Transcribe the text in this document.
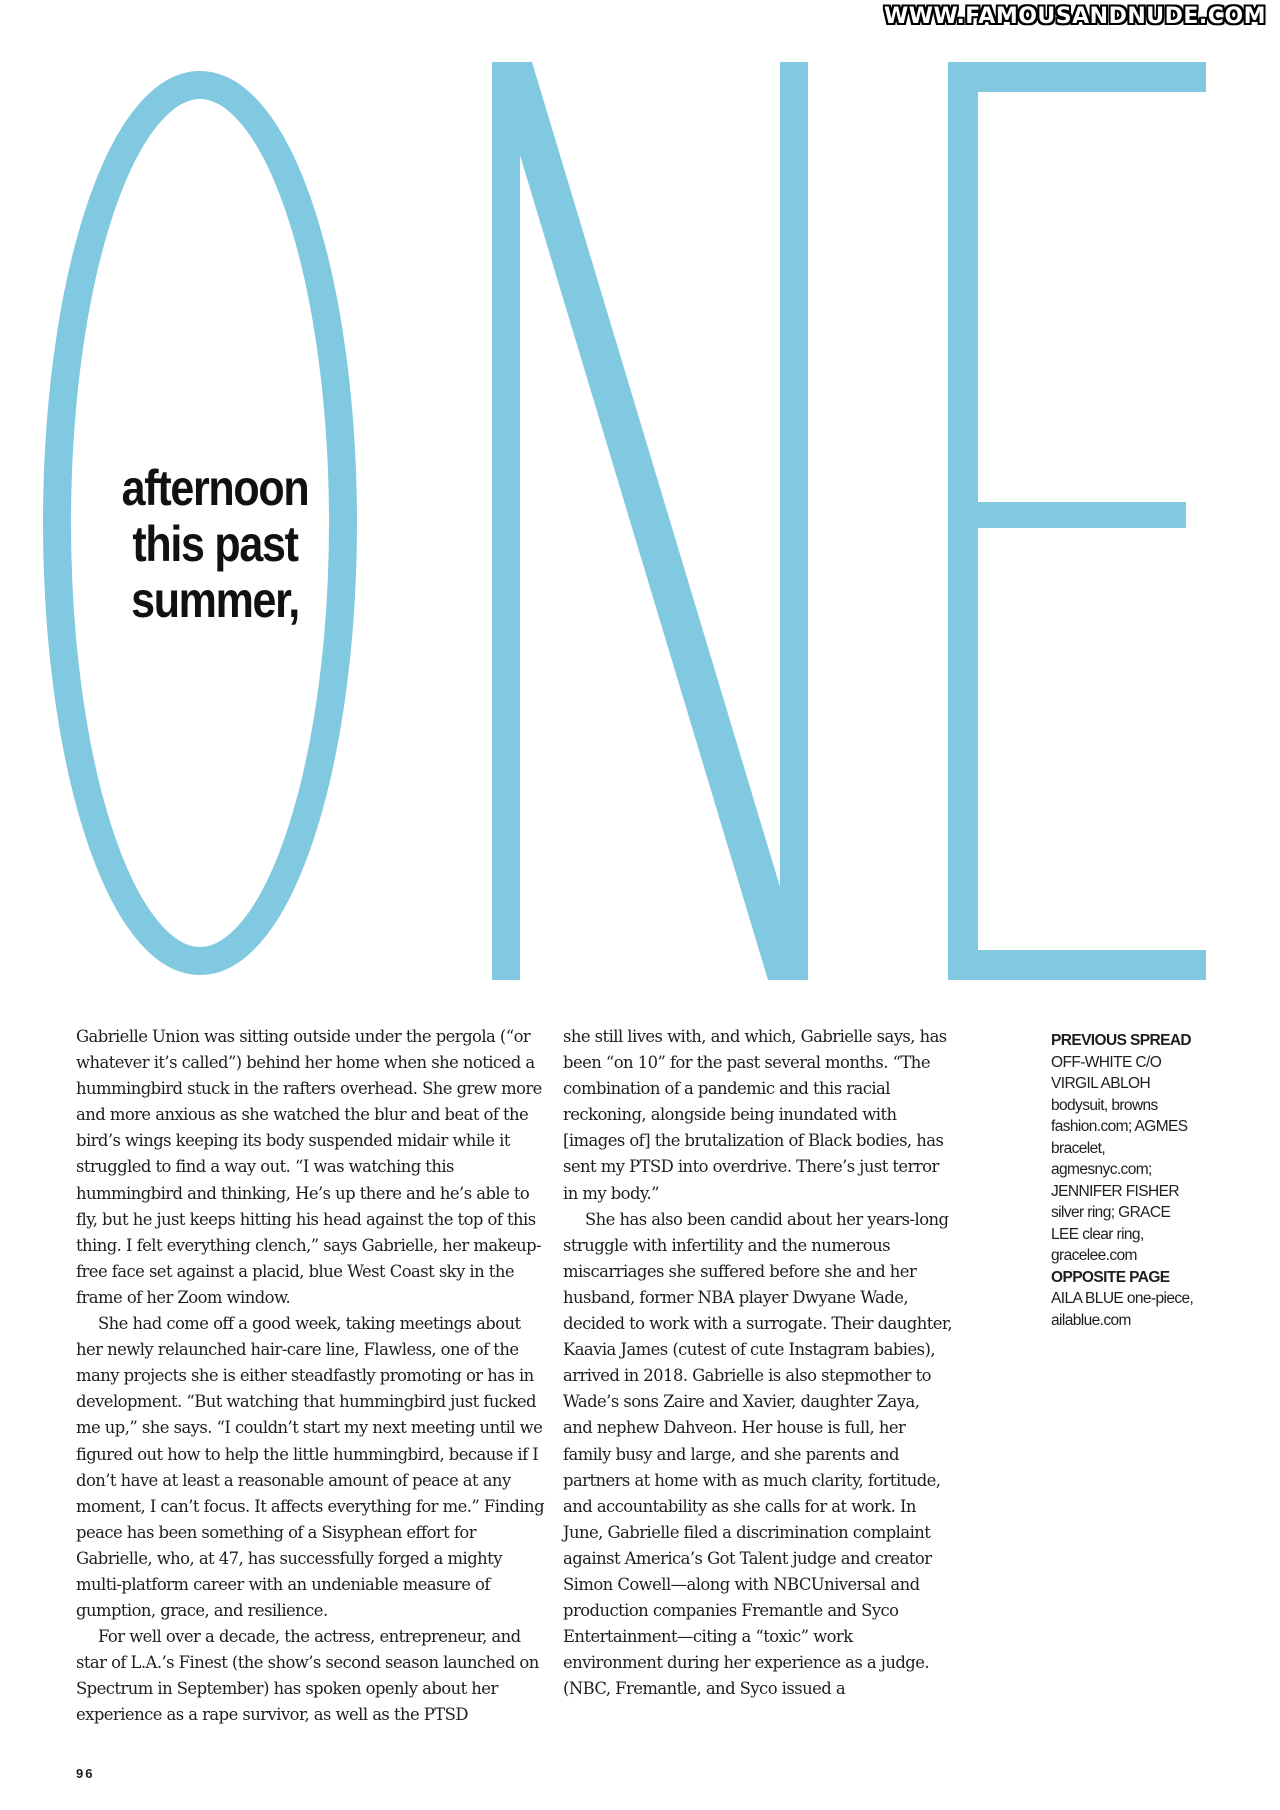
WWW.FAMOUSANDNUDE.COM
afternoon
this past
summer,

Gabrielle Union was sitting outside under the pergola (“or whatever it’s called”) behind her home when she noticed a hummingbird stuck in the rafters overhead. She grew more and more anxious as she watched the blur and beat of the bird’s wings keeping its body suspended midair while it struggled to find a way out. “I was watching this hummingbird and thinking, He’s up there and he’s able to fly, but he just keeps hitting his head against the top of this thing. I felt everything clench,” says Gabrielle, her makeup-free face set against a placid, blue West Coast sky in the frame of her Zoom window.

She had come off a good week, taking meetings about her newly relaunched hair-care line, Flawless, one of the many projects she is either steadfastly promoting or has in development. “But watching that hummingbird just fucked me up,” she says. “I couldn’t start my next meeting until we figured out how to help the little hummingbird, because if I don’t have at least a reasonable amount of peace at any moment, I can’t focus. It affects everything for me.” Finding peace has been something of a Sisyphean effort for Gabrielle, who, at 47, has successfully forged a mighty multi-platform career with an undeniable measure of gumption, grace, and resilience.

For well over a decade, the actress, entrepreneur, and star of L.A.’s Finest (the show’s second season launched on Spectrum in September) has spoken openly about her experience as a rape survivor, as well as the PTSD

she still lives with, and which, Gabrielle says, has been “on 10” for the past several months. “The combination of a pandemic and this racial reckoning, alongside being inundated with [images of] the brutalization of Black bodies, has sent my PTSD into overdrive. There’s just terror in my body.”

She has also been candid about her years-long struggle with infertility and the numerous miscarriages she suffered before she and her husband, former NBA player Dwyane Wade, decided to work with a surrogate. Their daughter, Kaavia James (cutest of cute Instagram babies), arrived in 2018. Gabrielle is also stepmother to Wade’s sons Zaire and Xavier, daughter Zaya, and nephew Dahveon. Her house is full, her family busy and large, and she parents and partners at home with as much clarity, fortitude, and accountability as she calls for at work. In June, Gabrielle filed a discrimination complaint against America’s Got Talent judge and creator Simon Cowell—along with NBCUniversal and production companies Fremantle and Syco Entertainment—citing a “toxic” work environment during her experience as a judge. (NBC, Fremantle, and Syco issued a

PREVIOUS SPREAD
OFF-WHITE C/O VIRGIL ABLOH bodysuit, browns fashion.com; AGMES bracelet, agmesnyc.com; JENNIFER FISHER silver ring; GRACE LEE clear ring, gracelee.com
OPPOSITE PAGE
AILA BLUE one-piece, ailablue.com
96
